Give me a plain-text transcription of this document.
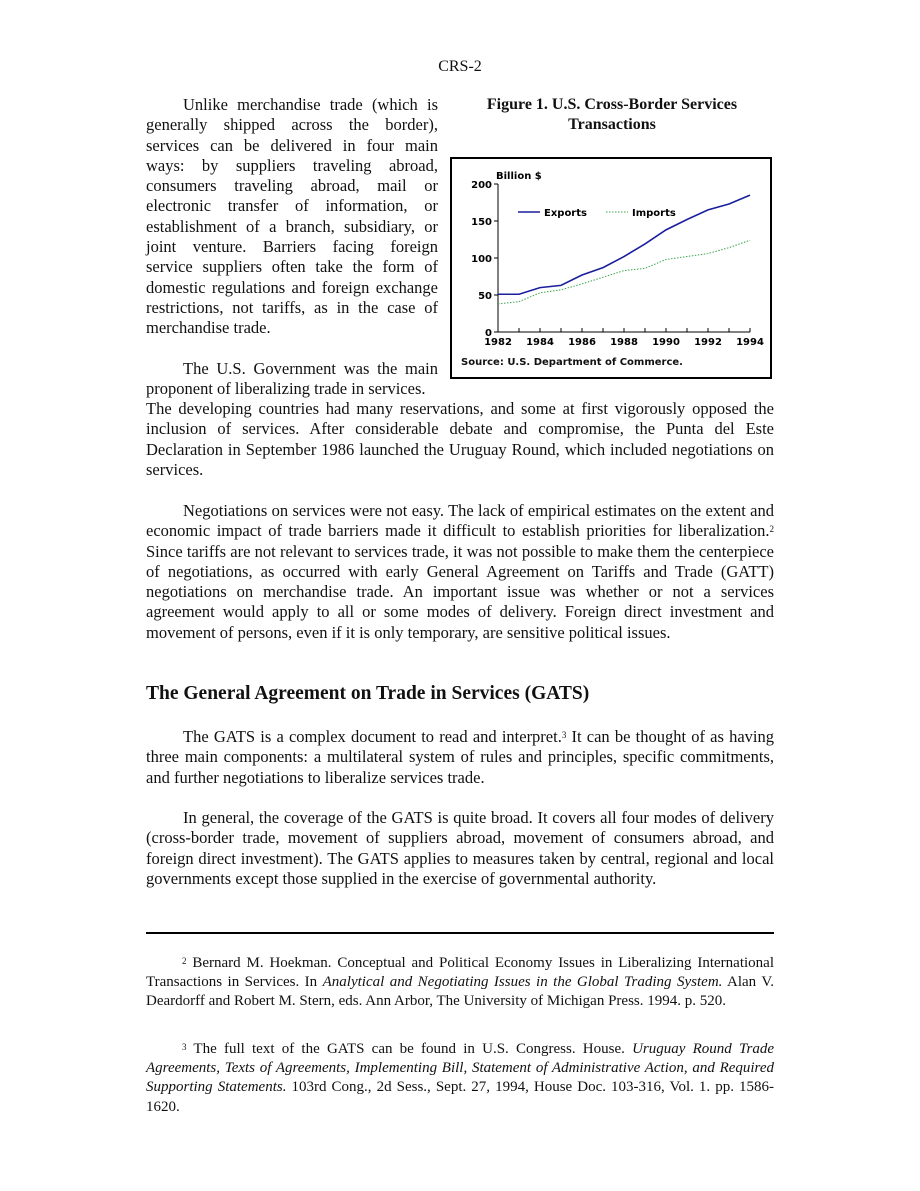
CRS-2

Unlike merchandise trade (which is generally shipped across the border), services can be delivered in four main ways: by suppliers traveling abroad, consumers traveling abroad, mail or electronic transfer of information, or establishment of a branch, subsidiary, or joint venture. Barriers facing foreign service suppliers often take the form of domestic regulations and foreign exchange restrictions, not tariffs, as in the case of merchandise trade.

The U.S. Government was the main proponent of liberalizing trade in services.

The developing countries had many reservations, and some at first vigorously opposed the inclusion of services. After considerable debate and compromise, the Punta del Este Declaration in September 1986 launched the Uruguay Round, which included negotiations on services.

Negotiations on services were not easy. The lack of empirical estimates on the extent and economic impact of trade barriers made it difficult to establish priorities for liberalization.$^2$ Since tariffs are not relevant to services trade, it was not possible to make them the centerpiece of negotiations, as occurred with early General Agreement on Tariffs and Trade (GATT) negotiations on merchandise trade. An important issue was whether or not a services agreement would apply to all or some modes of delivery. Foreign direct investment and movement of persons, even if it is only temporary, are sensitive political issues.

The General Agreement on Trade in Services (GATS)

The GATS is a complex document to read and interpret.$^3$ It can be thought of as having three main components: a multilateral system of rules and principles, specific commitments, and further negotiations to liberalize services trade.

In general, the coverage of the GATS is quite broad. It covers all four modes of delivery (cross-border trade, movement of suppliers abroad, movement of consumers abroad, and foreign direct investment). The GATS applies to measures taken by central, regional and local governments except those supplied in the exercise of governmental authority.

$^2$ Bernard M. Hoekman. Conceptual and Political Economy Issues in Liberalizing International Transactions in Services. In Analytical and Negotiating Issues in the Global Trading System. Alan V. Deardorff and Robert M. Stern, eds. Ann Arbor, The University of Michigan Press. 1994. p. 520.

$^3$ The full text of the GATS can be found in U.S. Congress. House. Uruguay Round Trade Agreements, Texts of Agreements, Implementing Bill, Statement of Administrative Action, and Required Supporting Statements. 103rd Cong., 2d Sess., Sept. 27, 1994, House Doc. 103-316, Vol. 1. pp. 1586-1620.

Figure 1. U.S. Cross-Border Services

Transactions

0
50
100
150
200
1982 1984 1986 1988 1990 1992 1994
Billion $
Exports	Imports
Source: U.S. Department of Commerce.
